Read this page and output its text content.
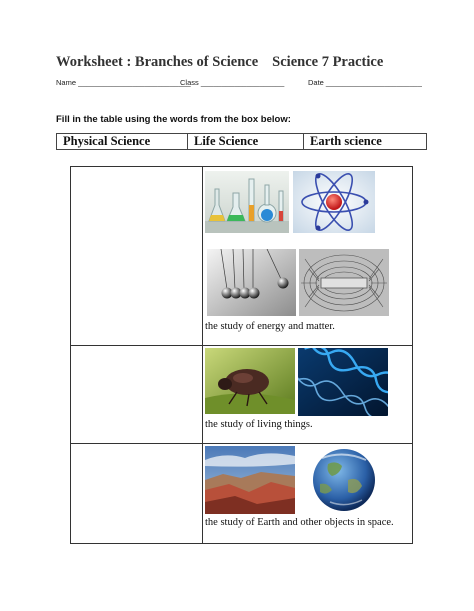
Worksheet : Branches of Science Science 7 Practice
Name ___________________________
Class ____________________	Date _______________________
Fill in the table using the words from the box below:
Physical Science	Life Science	Earth science
the study of energy and matter.
the study of living things.
the study of Earth and other objects in space.
